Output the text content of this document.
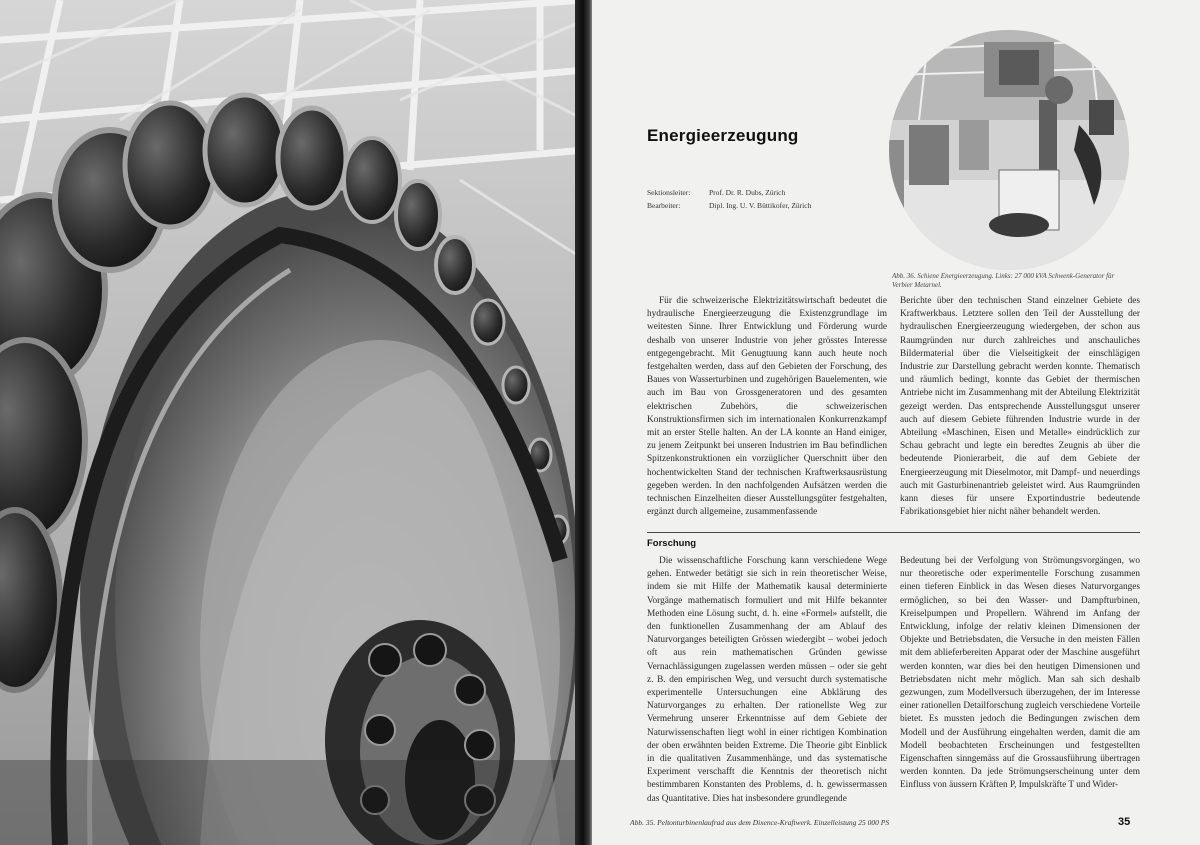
Energieerzeugung
Sektionsleiter:	Prof. Dr. R. Dubs, Zürich
Bearbeiter:	Dipl. Ing. U. V. Büttikofer, Zürich
Abb. 36. Schiene Energieerzeugung. Links: 27 000 kVA Schwenk-Generator für Verbier Metarnel.

Für die schweizerische Elektrizitätswirtschaft bedeutet die hydraulische Energieerzeugung die Existenzgrundlage im weitesten Sinne. Ihrer Entwicklung und Förderung wurde deshalb von unserer Industrie von jeher grösstes Interesse entgegengebracht. Mit Genugtuung kann auch heute noch festgehalten werden, dass auf den Gebieten der Forschung, des Baues von Wasserturbinen und zugehörigen Bauelementen, wie auch im Bau von Grossgeneratoren und des gesamten elektrischen Zubehörs, die schweizerischen Konstruktionsfirmen sich im internationalen Konkurrenzkampf mit an erster Stelle halten. An der LA konnte an Hand einiger, zu jenem Zeitpunkt bei unseren Industrien im Bau befindlichen Spitzenkonstruktionen ein vorzüglicher Querschnitt über den hochentwickelten Stand der technischen Kraftwerksausrüstung gegeben werden. In den nachfolgenden Aufsätzen werden die technischen Einzelheiten dieser Ausstellungsgüter festgehalten, ergänzt durch allgemeine, zusammenfassende

Berichte über den technischen Stand einzelner Gebiete des Kraftwerkbaus. Letztere sollen den Teil der Ausstellung der hydraulischen Energieerzeugung wiedergeben, der schon aus Raumgründen nur durch zahlreiches und anschauliches Bildermaterial über die Vielseitigkeit der einschlägigen Industrie zur Darstellung gebracht werden konnte. Thematisch und räumlich bedingt, konnte das Gebiet der thermischen Antriebe nicht im Zusammenhang mit der Abteilung Elektrizität gezeigt werden. Das entsprechende Ausstellungsgut unserer auch auf diesem Gebiete führenden Industrie wurde in der Abteilung «Maschinen, Eisen und Metalle» eindrücklich zur Schau gebracht und legte ein beredtes Zeugnis ab über die bedeutende Pionierarbeit, die auf dem Gebiete der Energieerzeugung mit Dieselmotor, mit Dampf- und neuerdings auch mit Gasturbinenantrieb geleistet wird. Aus Raumgründen kann dieses für unsere Exportindustrie bedeutende Fabrikationsgebiet hier nicht näher behandelt werden.

Forschung

Die wissenschaftliche Forschung kann verschiedene Wege gehen. Entweder betätigt sie sich in rein theoretischer Weise, indem sie mit Hilfe der Mathematik kausal determinierte Vorgänge mathematisch formuliert und mit Hilfe bekannter Methoden eine Lösung sucht, d. h. eine «Formel» aufstellt, die den funktionellen Zusammenhang der am Ablauf des Naturvorganges beteiligten Grössen wiedergibt – wobei jedoch oft aus rein mathematischen Gründen gewisse Vernachlässigungen zugelassen werden müssen – oder sie geht z. B. den empirischen Weg, und versucht durch systematische experimentelle Untersuchungen eine Abklärung des Naturvorganges zu erhalten. Der rationellste Weg zur Vermehrung unserer Erkenntnisse auf dem Gebiete der Naturwissenschaften liegt wohl in einer richtigen Kombination der oben erwähnten beiden Extreme. Die Theorie gibt Einblick in die qualitativen Zusammenhänge, und das systematische Experiment verschafft die Kenntnis der theoretisch nicht bestimmbaren Konstanten des Problems, d. h. gewissermassen das Quantitative. Dies hat insbesondere grundlegende

Bedeutung bei der Verfolgung von Strömungsvorgängen, wo nur theoretische oder experimentelle Forschung zusammen einen tieferen Einblick in das Wesen dieses Naturvorganges ermöglichen, so bei den Wasser- und Dampfturbinen, Kreiselpumpen und Propellern. Während im Anfang der Entwicklung, infolge der relativ kleinen Dimensionen der Objekte und Betriebsdaten, die Versuche in den meisten Fällen mit dem ablieferbereiten Apparat oder der Maschine ausgeführt werden konnten, war dies bei den heutigen Dimensionen und Betriebsdaten nicht mehr möglich. Man sah sich deshalb gezwungen, zum Modellversuch überzugehen, der im Interesse einer rationellen Detailforschung zugleich verschiedene Vorteile bietet. Es mussten jedoch die Bedingungen zwischen dem Modell und der Ausführung eingehalten werden, damit die am Modell beobachteten Erscheinungen und festgestellten Eigenschaften sinngemäss auf die Grossausführung übertragen werden konnten. Da jede Strömungserscheinung unter dem Einfluss von äussern Kräften P, Impulskräfte T und Wider-

Abb. 35. Peltonturbinenlaufrad aus dem Dixence-Kraftwerk. Einzelleistung 25 000 PS	35
